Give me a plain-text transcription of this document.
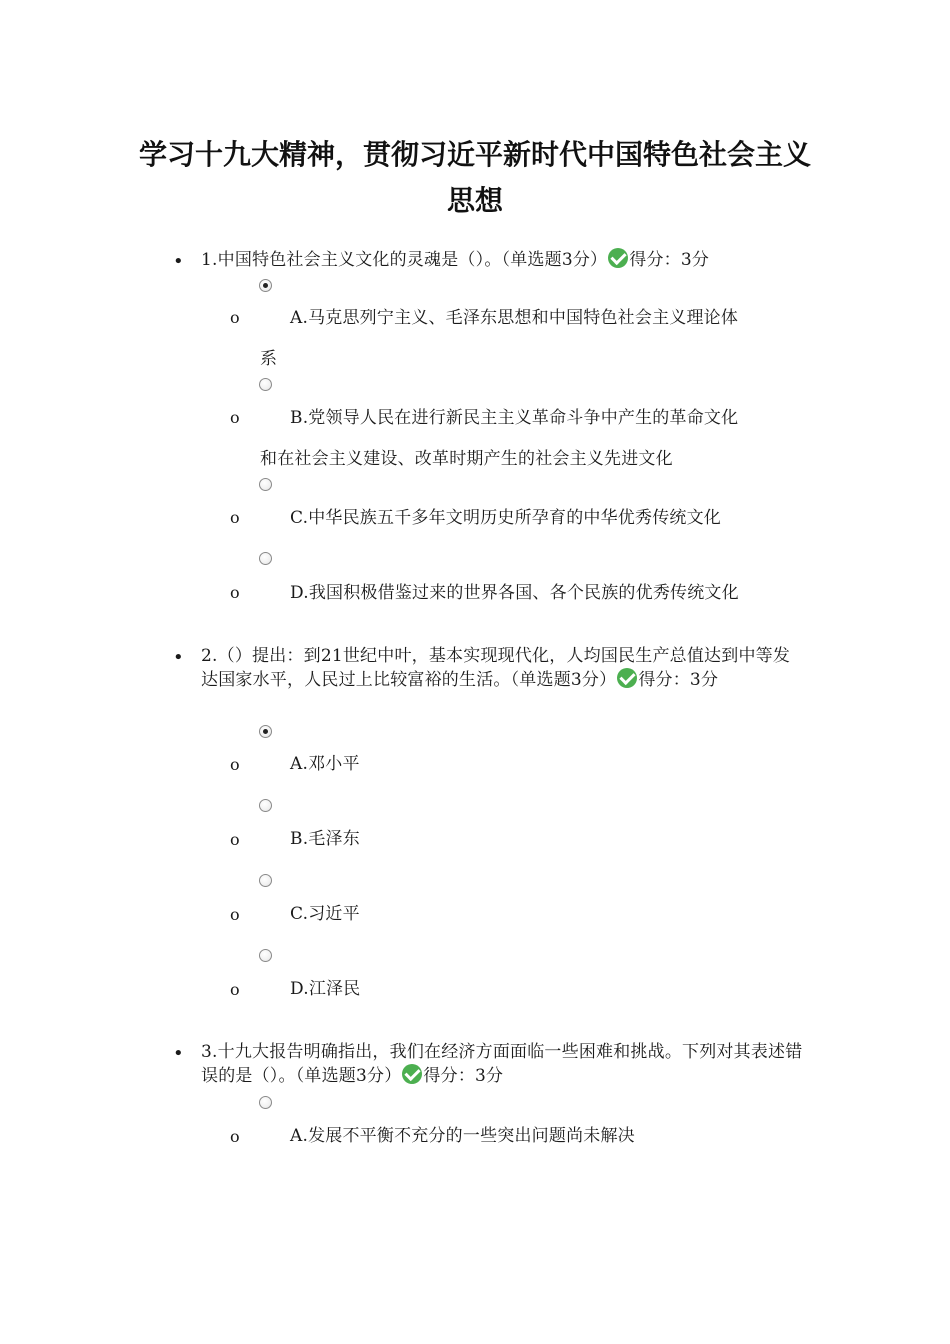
学习十九大精神，贯彻习近平新时代中国特色社会主义思想
• 1.中国特色社会主义文化的灵魂是（）。（单选题3分） 得分：3分
o	A.马克思列宁主义、毛泽东思想和中国特色社会主义理论体
系
o	B.党领导人民在进行新民主主义革命斗争中产生的革命文化
和在社会主义建设、改革时期产生的社会主义先进文化
o	C.中华民族五千多年文明历史所孕育的中华优秀传统文化
o	D.我国积极借鉴过来的世界各国、各个民族的优秀传统文化
• 2.（）提出：到21世纪中叶，基本实现现代化，人均国民生产总值达到中等发达国家水平，人民过上比较富裕的生活。（单选题3分） 得分：3分
o	A.邓小平
o	B.毛泽东
o	C.习近平
o	D.江泽民
• 3.十九大报告明确指出，我们在经济方面面临一些困难和挑战。下列对其表述错误的是（）。（单选题3分） 得分：3分
o	A.发展不平衡不充分的一些突出问题尚未解决
